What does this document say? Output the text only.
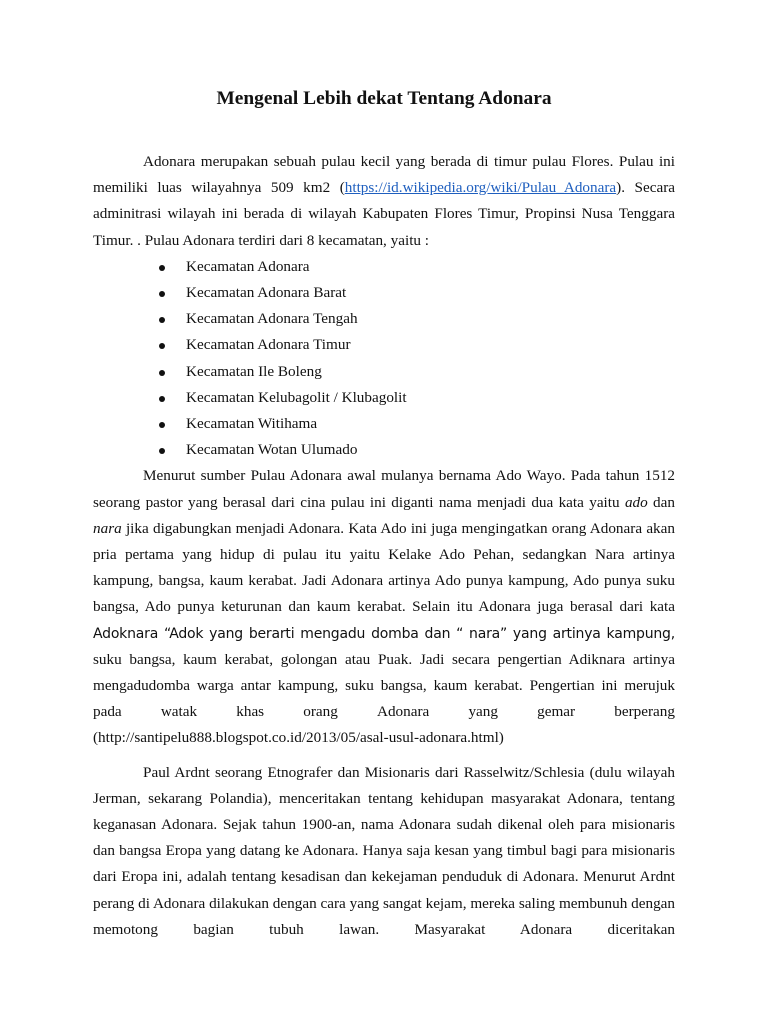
Mengenal Lebih dekat Tentang Adonara

Adonara merupakan sebuah pulau kecil yang berada di timur pulau Flores. Pulau ini memiliki luas wilayahnya 509 km2 (https://id.wikipedia.org/wiki/Pulau_Adonara). Secara adminitrasi wilayah ini berada di wilayah Kabupaten Flores Timur, Propinsi Nusa Tenggara Timur. . Pulau Adonara terdiri dari 8 kecamatan, yaitu :

Kecamatan Adonara
Kecamatan Adonara Barat
Kecamatan Adonara Tengah
Kecamatan Adonara Timur
Kecamatan Ile Boleng
Kecamatan Kelubagolit / Klubagolit
Kecamatan Witihama
Kecamatan Wotan Ulumado

Menurut sumber Pulau Adonara awal mulanya bernama Ado Wayo. Pada tahun 1512 seorang pastor yang berasal dari cina pulau ini diganti nama menjadi dua kata yaitu ado dan nara jika digabungkan menjadi Adonara. Kata Ado ini juga mengingatkan orang Adonara akan pria pertama yang hidup di pulau itu yaitu Kelake Ado Pehan, sedangkan Nara artinya kampung, bangsa, kaum kerabat. Jadi Adonara artinya Ado punya kampung, Ado punya suku bangsa, Ado punya keturunan dan kaum kerabat. Selain itu Adonara juga berasal dari kata Adoknara “Adok yang berarti mengadu domba dan “ nara” yang artinya kampung, suku bangsa, kaum kerabat, golongan atau Puak. Jadi secara pengertian Adiknara artinya mengadudomba warga antar kampung, suku bangsa, kaum kerabat. Pengertian ini merujuk

pada	watak	khas	orang	Adonara	yang	gemar	berperang
(http://santipelu888.blogspot.co.id/2013/05/asal-usul-adonara.html)

Paul Ardnt seorang Etnografer dan Misionaris dari Rasselwitz/Schlesia (dulu wilayah Jerman, sekarang Polandia), menceritakan tentang kehidupan masyarakat Adonara, tentang keganasan Adonara. Sejak tahun 1900-an, nama Adonara sudah dikenal oleh para misionaris dan bangsa Eropa yang datang ke Adonara. Hanya saja kesan yang timbul bagi para misionaris dari Eropa ini, adalah tentang kesadisan dan kekejaman penduduk di Adonara. Menurut Ardnt perang di Adonara dilakukan dengan cara yang sangat kejam, mereka saling membunuh dengan memotong bagian tubuh lawan. Masyarakat Adonara diceritakan
